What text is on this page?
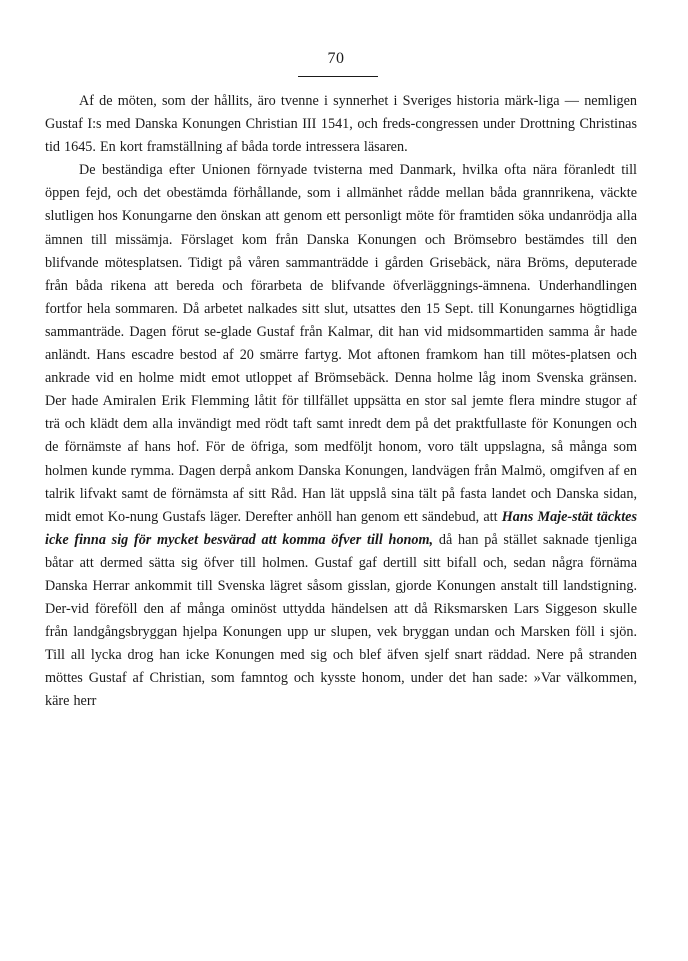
70

Af de möten, som der hållits, äro tvenne i synnerhet i Sveriges historia märk-liga — nemligen Gustaf I:s med Danska Konungen Christian III 1541, och freds-congressen under Drottning Christinas tid 1645. En kort framställning af båda torde intressera läsaren.

De beständiga efter Unionen förnyade tvisterna med Danmark, hvilka ofta nära föranledt till öppen fejd, och det obestämda förhållande, som i allmänhet rådde mellan båda grannrikena, väckte slutligen hos Konungarne den önskan att genom ett personligt möte för framtiden söka undanrödja alla ämnen till missämja. Förslaget kom från Danska Konungen och Brömsebro bestämdes till den blifvande mötesplatsen. Tidigt på våren sammanträdde i gården Grisebäck, nära Bröms, deputerade från båda rikena att bereda och förarbeta de blifvande öfverläggnings-ämnena. Underhandlingen fortfor hela sommaren. Då arbetet nalkades sitt slut, utsattes den 15 Sept. till Konungarnes högtidliga sammanträde. Dagen förut se-glade Gustaf från Kalmar, dit han vid midsommartiden samma år hade anländt. Hans escadre bestod af 20 smärre fartyg. Mot aftonen framkom han till mötes-platsen och ankrade vid en holme midt emot utloppet af Brömsebäck. Denna holme låg inom Svenska gränsen. Der hade Amiralen Erik Flemming låtit för tillfället uppsätta en stor sal jemte flera mindre stugor af trä och klädt dem alla invändigt med rödt taft samt inredt dem på det praktfullaste för Konungen och de förnämste af hans hof. För de öfriga, som medföljt honom, voro tält uppslagna, så många som holmen kunde rymma. Dagen derpå ankom Danska Konungen, landvägen från Malmö, omgifven af en talrik lifvakt samt de förnämsta af sitt Råd. Han lät uppslå sina tält på fasta landet och Danska sidan, midt emot Ko-nung Gustafs läger. Derefter anhöll han genom ett sändebud, att Hans Maje-stät täcktes icke finna sig för mycket besvärad att komma öfver till honom, då han på stället saknade tjenliga båtar att dermed sätta sig öfver till holmen. Gustaf gaf dertill sitt bifall och, sedan några förnäma Danska Herrar ankommit till Svenska lägret såsom gisslan, gjorde Konungen anstalt till landstigning. Der-vid föreföll den af många ominöst uttydda händelsen att då Riksmarsken Lars Siggeson skulle från landgångsbryggan hjelpa Konungen upp ur slupen, vek bryggan undan och Marsken föll i sjön. Till all lycka drog han icke Konungen med sig och blef äfven sjelf snart räddad. Nere på stranden möttes Gustaf af Christian, som famntog och kysste honom, under det han sade: »Var välkommen, käre herr
